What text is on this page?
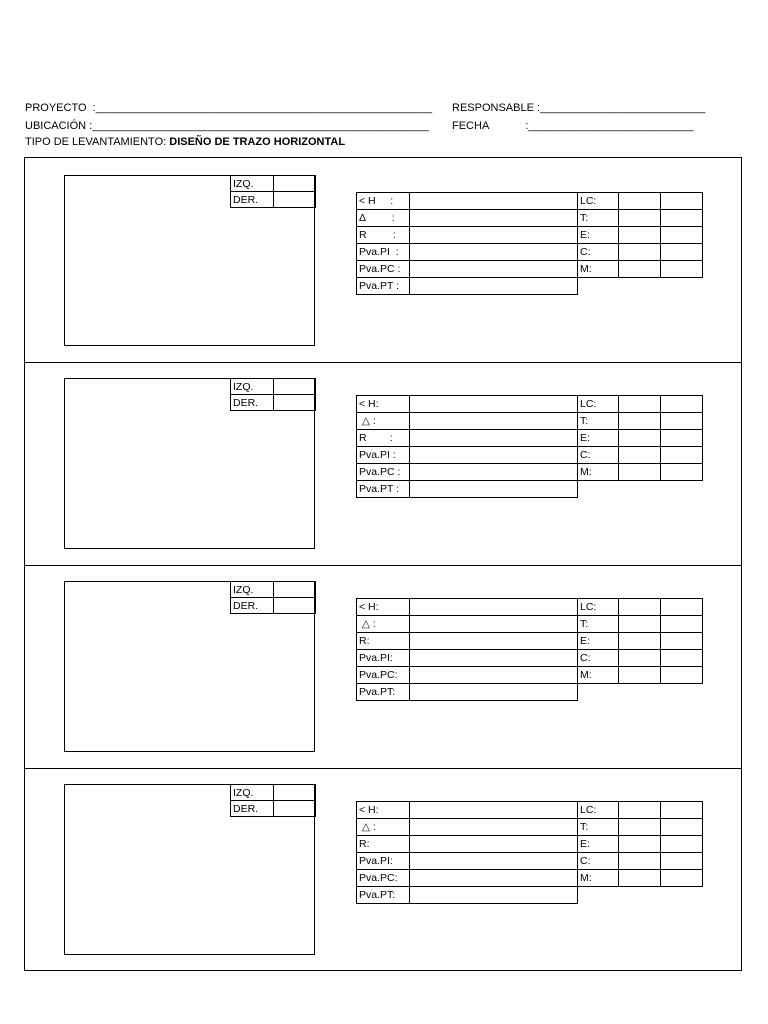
PROYECTO  :_______________________________________________________
UBICACIÓN :_______________________________________________________
TIPO DE LEVANTAMIENTO: DISEÑO DE TRAZO HORIZONTAL
RESPONSABLE :___________________________
FECHA            :___________________________
IZQ.	
DER.		< H     :		LC:		
Δ         :		T:		
R         :		E:		
Pva.PI  :		C:		
Pva.PC :		M:		
Pva.PT :				
IZQ.	
DER.		< H:		LC:		
△ :		T:		
R        :		E:		
Pva.PI :		C:		
Pva.PC :		M:		
Pva.PT :				
IZQ.	
DER.		< H:		LC:		
△ :		T:		
R:		E:		
Pva.PI:		C:		
Pva.PC:		M:		
Pva.PT:				
IZQ.	
DER.		< H:		LC:		
△ :		T:		
R:		E:		
Pva.PI:		C:		
Pva.PC:		M:		
Pva.PT:				
